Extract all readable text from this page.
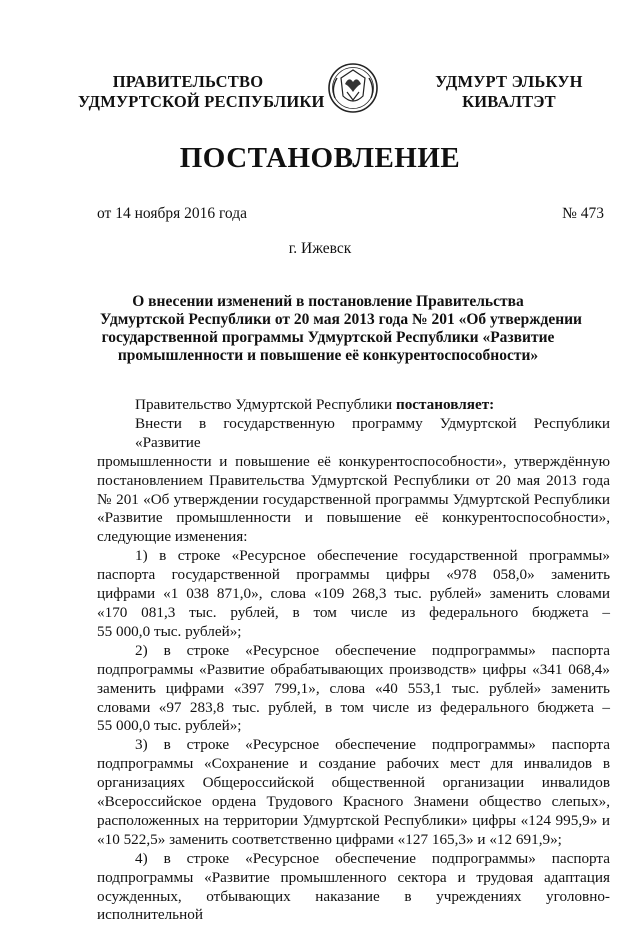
ПРАВИТЕЛЬСТВО
УДМУРТСКОЙ РЕСПУБЛИКИ
УДМУРТ ЭЛЬКУН
КИВАЛТЭТ
ПОСТАНОВЛЕНИЕ
от 14 ноября 2016 года	№ 473
г. Ижевск
О внесении изменений в постановление Правительства
Удмуртской Республики от 20 мая 2013 года № 201 «Об утверждении
государственной программы Удмуртской Республики «Развитие
промышленности и повышение её конкурентоспособности»
Правительство Удмуртской Республики постановляет:
Внести в государственную программу Удмуртской Республики «Развитие
промышленности и повышение её конкурентоспособности», утверждённую
постановлением Правительства Удмуртской Республики от 20 мая 2013 года
№ 201 «Об утверждении государственной программы Удмуртской Республики
«Развитие промышленности и повышение её конкурентоспособности»,
следующие изменения:
1) в строке «Ресурсное обеспечение государственной программы»
паспорта государственной программы цифры «978 058,0» заменить
цифрами «1 038 871,0», слова «109 268,3 тыс. рублей» заменить словами
«170 081,3 тыс. рублей, в том числе из федерального бюджета –
55 000,0 тыс. рублей»;
2) в строке «Ресурсное обеспечение подпрограммы» паспорта
подпрограммы «Развитие обрабатывающих производств» цифры «341 068,4»
заменить цифрами «397 799,1», слова «40 553,1 тыс. рублей» заменить
словами «97 283,8 тыс. рублей, в том числе из федерального бюджета –
55 000,0 тыс. рублей»;
3) в строке «Ресурсное обеспечение подпрограммы» паспорта
подпрограммы «Сохранение и создание рабочих мест для инвалидов в
организациях Общероссийской общественной организации инвалидов
«Всероссийское ордена Трудового Красного Знамени общество слепых»,
расположенных на территории Удмуртской Республики» цифры «124 995,9» и
«10 522,5» заменить соответственно цифрами «127 165,3» и «12 691,9»;
4) в строке «Ресурсное обеспечение подпрограммы» паспорта
подпрограммы «Развитие промышленного сектора и трудовая адаптация
осужденных, отбывающих наказание в учреждениях уголовно-исполнительной
